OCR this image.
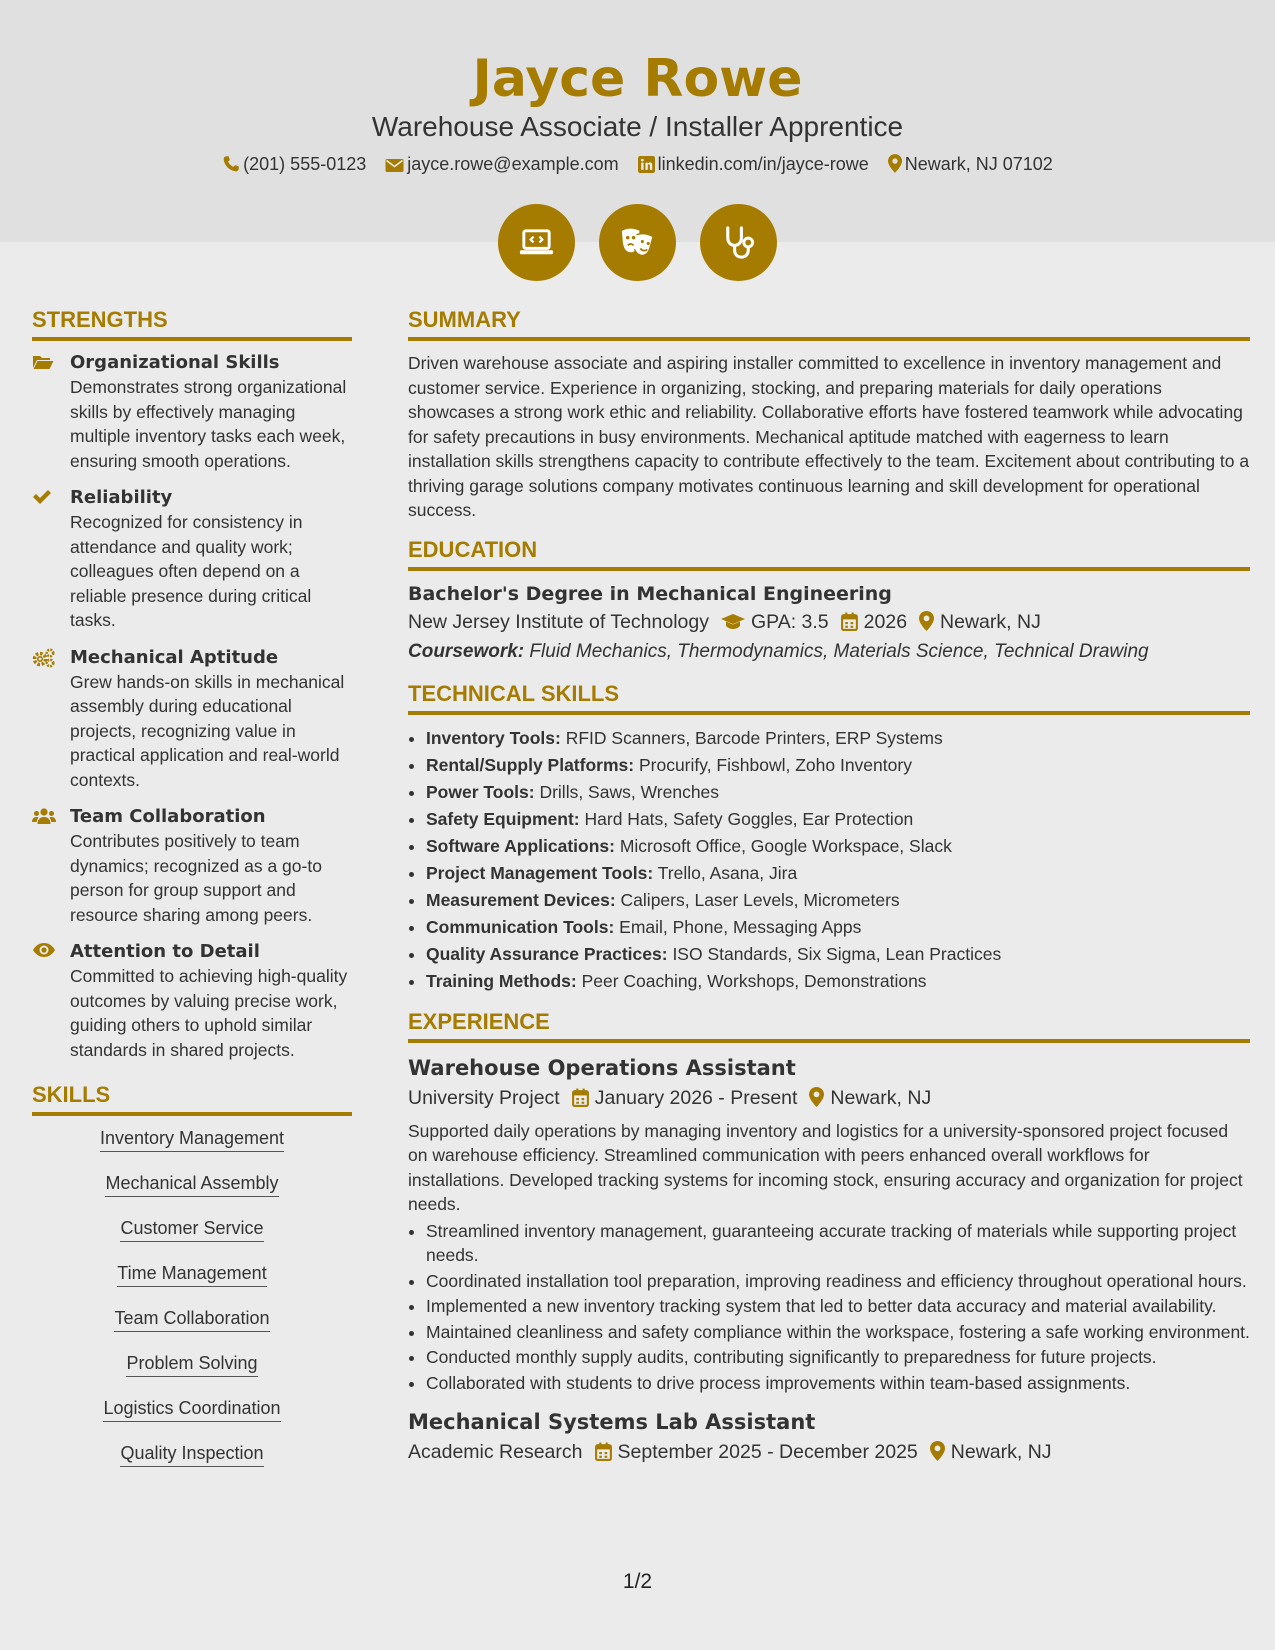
Jayce Rowe
Warehouse Associate / Installer Apprentice
(201) 555-0123 jayce.rowe@example.com linkedin.com/in/jayce-rowe Newark, NJ 07102

STRENGTHS
Organizational Skills
Demonstrates strong organizational skills by effectively managing multiple inventory tasks each week, ensuring smooth operations.
Reliability
Recognized for consistency in attendance and quality work; colleagues often depend on a reliable presence during critical tasks.
Mechanical Aptitude
Grew hands-on skills in mechanical assembly during educational projects, recognizing value in practical application and real-world contexts.
Team Collaboration
Contributes positively to team dynamics; recognized as a go-to person for group support and resource sharing among peers.
Attention to Detail
Committed to achieving high-quality outcomes by valuing precise work, guiding others to uphold similar standards in shared projects.
SKILLS
Inventory Management
Mechanical Assembly
Customer Service
Time Management
Team Collaboration
Problem Solving
Logistics Coordination
Quality Inspection
SUMMARY
Driven warehouse associate and aspiring installer committed to excellence in inventory management and customer service. Experience in organizing, stocking, and preparing materials for daily operations showcases a strong work ethic and reliability. Collaborative efforts have fostered teamwork while advocating for safety precautions in busy environments. Mechanical aptitude matched with eagerness to learn installation skills strengthens capacity to contribute effectively to the team. Excitement about contributing to a thriving garage solutions company motivates continuous learning and skill development for operational success.
EDUCATION
Bachelor's Degree in Mechanical Engineering
New Jersey Institute of Technology GPA: 3.5 2026 Newark, NJ
Coursework: Fluid Mechanics, Thermodynamics, Materials Science, Technical Drawing
TECHNICAL SKILLS
• Inventory Tools: RFID Scanners, Barcode Printers, ERP Systems
• Rental/Supply Platforms: Procurify, Fishbowl, Zoho Inventory
• Power Tools: Drills, Saws, Wrenches
• Safety Equipment: Hard Hats, Safety Goggles, Ear Protection
• Software Applications: Microsoft Office, Google Workspace, Slack
• Project Management Tools: Trello, Asana, Jira
• Measurement Devices: Calipers, Laser Levels, Micrometers
• Communication Tools: Email, Phone, Messaging Apps
• Quality Assurance Practices: ISO Standards, Six Sigma, Lean Practices
• Training Methods: Peer Coaching, Workshops, Demonstrations
EXPERIENCE
Warehouse Operations Assistant
University Project January 2026 - Present Newark, NJ
Supported daily operations by managing inventory and logistics for a university-sponsored project focused on warehouse efficiency. Streamlined communication with peers enhanced overall workflows for installations. Developed tracking systems for incoming stock, ensuring accuracy and organization for project needs.
• Streamlined inventory management, guaranteeing accurate tracking of materials while supporting project needs.
• Coordinated installation tool preparation, improving readiness and efficiency throughout operational hours.
• Implemented a new inventory tracking system that led to better data accuracy and material availability.
• Maintained cleanliness and safety compliance within the workspace, fostering a safe working environment.
• Conducted monthly supply audits, contributing significantly to preparedness for future projects.
• Collaborated with students to drive process improvements within team-based assignments.
Mechanical Systems Lab Assistant
Academic Research September 2025 - December 2025 Newark, NJ
1/2
